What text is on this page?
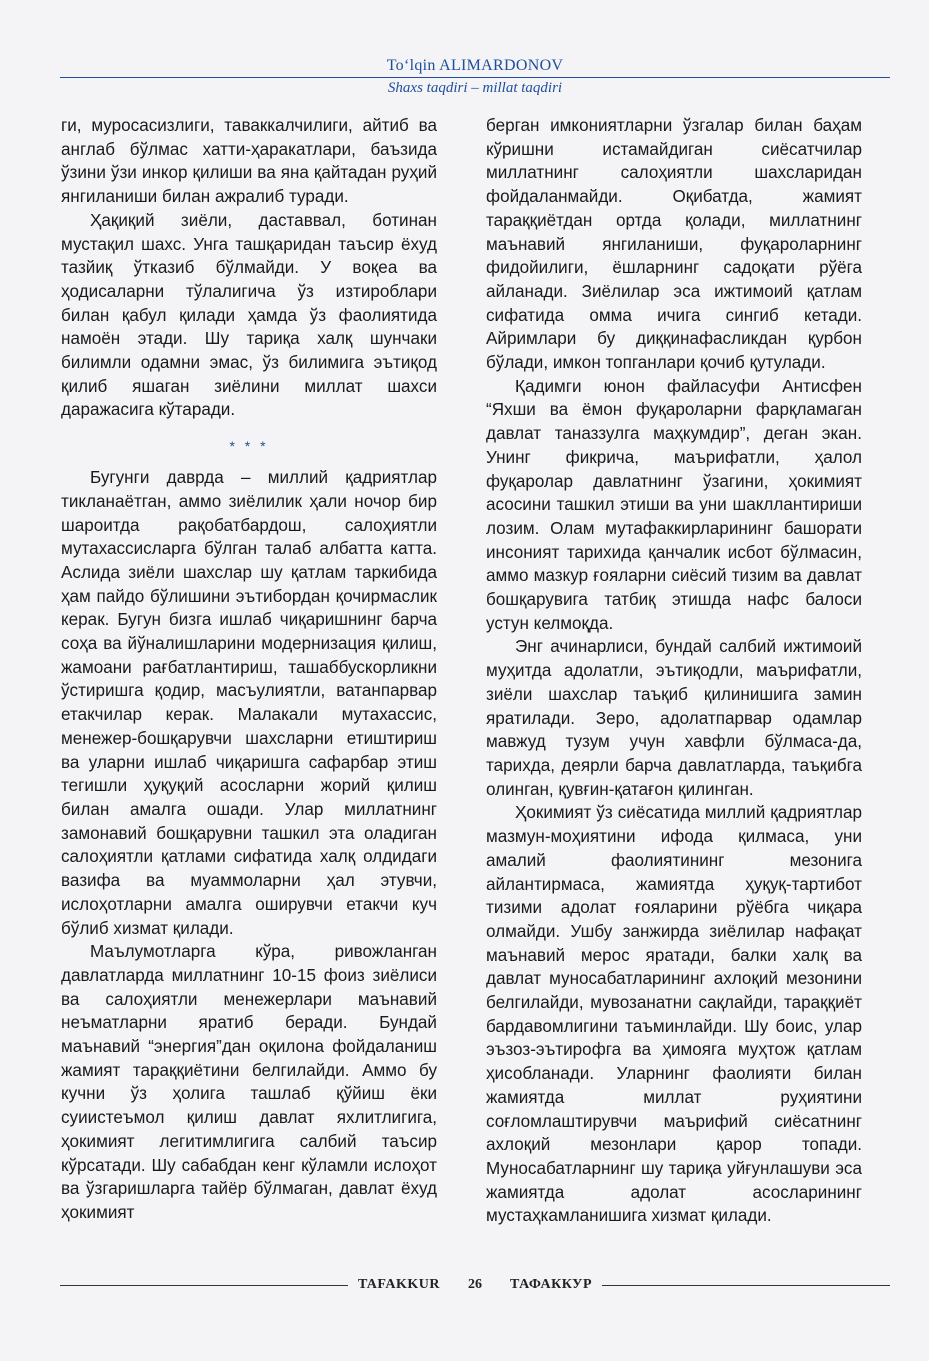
To‘lqin ALIMARDONOV
Shaxs taqdiri – millat taqdiri

ги, муросасизлиги, таваккалчилиги, айтиб ва англаб бўлмас хатти-ҳаракатлари, баъзида ўзини ўзи инкор қилиши ва яна қайтадан руҳий янгиланиши билан ажралиб туради.

Ҳақиқий зиёли, даставвал, ботинан мустақил шахс. Унга ташқаридан таъсир ёхуд тазйиқ ўтказиб бўлмайди. У воқеа ва ҳодисаларни тўлалигича ўз изтироблари билан қабул қилади ҳамда ўз фаолиятида намоён этади. Шу тариқа халқ шунчаки билимли одамни эмас, ўз билимига эътиқод қилиб яшаган зиёлини миллат шахси даражасига кўтаради.

* * *

Бугунги даврда – миллий қадриятлар тикланаётган, аммо зиёлилик ҳали ночор бир шароитда рақобатбардош, салоҳиятли мутахассисларга бўлган талаб албатта катта. Аслида зиёли шахслар шу қатлам таркибида ҳам пайдо бўлишини эътибордан қочирмаслик керак. Бугун бизга ишлаб чиқаришнинг барча соҳа ва йўналишларини модернизация қилиш, жамоани рағбатлантириш, ташаббускорликни ўстиришга қодир, масъулиятли, ватанпарвар етакчилар керак. Малакали мутахассис, менежер-бошқарувчи шахсларни етиштириш ва уларни ишлаб чиқаришга сафарбар этиш тегишли ҳуқуқий асосларни жорий қилиш билан амалга ошади. Улар миллатнинг замонавий бошқарувни ташкил эта оладиган салоҳиятли қатлами сифатида халқ олдидаги вазифа ва муаммоларни ҳал этувчи, ислоҳотларни амалга оширувчи етакчи куч бўлиб хизмат қилади.

Маълумотларга кўра, ривожланган давлатларда миллатнинг 10-15 фоиз зиёлиси ва салоҳиятли менежерлари маънавий неъматларни яратиб беради. Бундай маънавий “энергия”дан оқилона фойдаланиш жамият тараққиётини белгилайди. Аммо бу кучни ўз ҳолига ташлаб қўйиш ёки суиистеъмол қилиш давлат яхлитлигига, ҳокимият легитимлигига салбий таъсир кўрсатади. Шу сабабдан кенг кўламли ислоҳот ва ўзгаришларга тайёр бўлмаган, давлат ёхуд ҳокимият

берган имкониятларни ўзгалар билан баҳам кўришни истамайдиган сиёсатчилар миллатнинг салоҳиятли шахсларидан фойдаланмайди. Оқибатда, жамият тараққиётдан ортда қолади, миллатнинг маънавий янгиланиши, фуқароларнинг фидойилиги, ёшларнинг садоқати рўёга айланади. Зиёлилар эса ижтимоий қатлам сифатида омма ичига сингиб кетади. Айримлари бу диққинафасликдан қурбон бўлади, имкон топганлари қочиб қутулади.

Қадимги юнон файласуфи Антисфен “Яхши ва ёмон фуқароларни фарқламаган давлат таназзулга маҳкумдир”, деган экан. Унинг фикрича, маърифатли, ҳалол фуқаролар давлатнинг ўзагини, ҳокимият асосини ташкил этиши ва уни шакллантириши лозим. Олам мутафаккирларининг башорати инсоният тарихида қанчалик исбот бўлмасин, аммо мазкур ғояларни сиёсий тизим ва давлат бошқарувига татбиқ этишда нафс балоси устун келмоқда.

Энг ачинарлиси, бундай салбий ижтимоий муҳитда адолатли, эътиқодли, маърифатли, зиёли шахслар таъқиб қилинишига замин яратилади. Зеро, адолатпарвар одамлар мавжуд тузум учун хавфли бўлмаса-да, тарихда, деярли барча давлатларда, таъқибга олинган, қувғин-қатағон қилинган.

Ҳокимият ўз сиёсатида миллий қадриятлар мазмун-моҳиятини ифода қилмаса, уни амалий фаолиятининг мезонига айлантирмаса, жамиятда ҳуқуқ-тартибот тизими адолат ғояларини рўёбга чиқара олмайди. Ушбу занжирда зиёлилар нафақат маънавий мерос яратади, балки халқ ва давлат муносабатларининг ахлоқий мезонини белгилайди, мувозанатни сақлайди, тараққиёт бардавомлигини таъминлайди. Шу боис, улар эъзоз-эътирофга ва ҳимояга муҳтож қатлам ҳисобланади. Уларнинг фаолияти билан жамиятда миллат руҳиятини соғломлаштирувчи маърифий сиёсатнинг ахлоқий мезонлари қарор топади. Муносабатларнинг шу тариқа уйғунлашуви эса жамиятда адолат асосларининг мустаҳкамланишига хизмат қилади.

TAFAKKUR 26 ТАФАККУР
